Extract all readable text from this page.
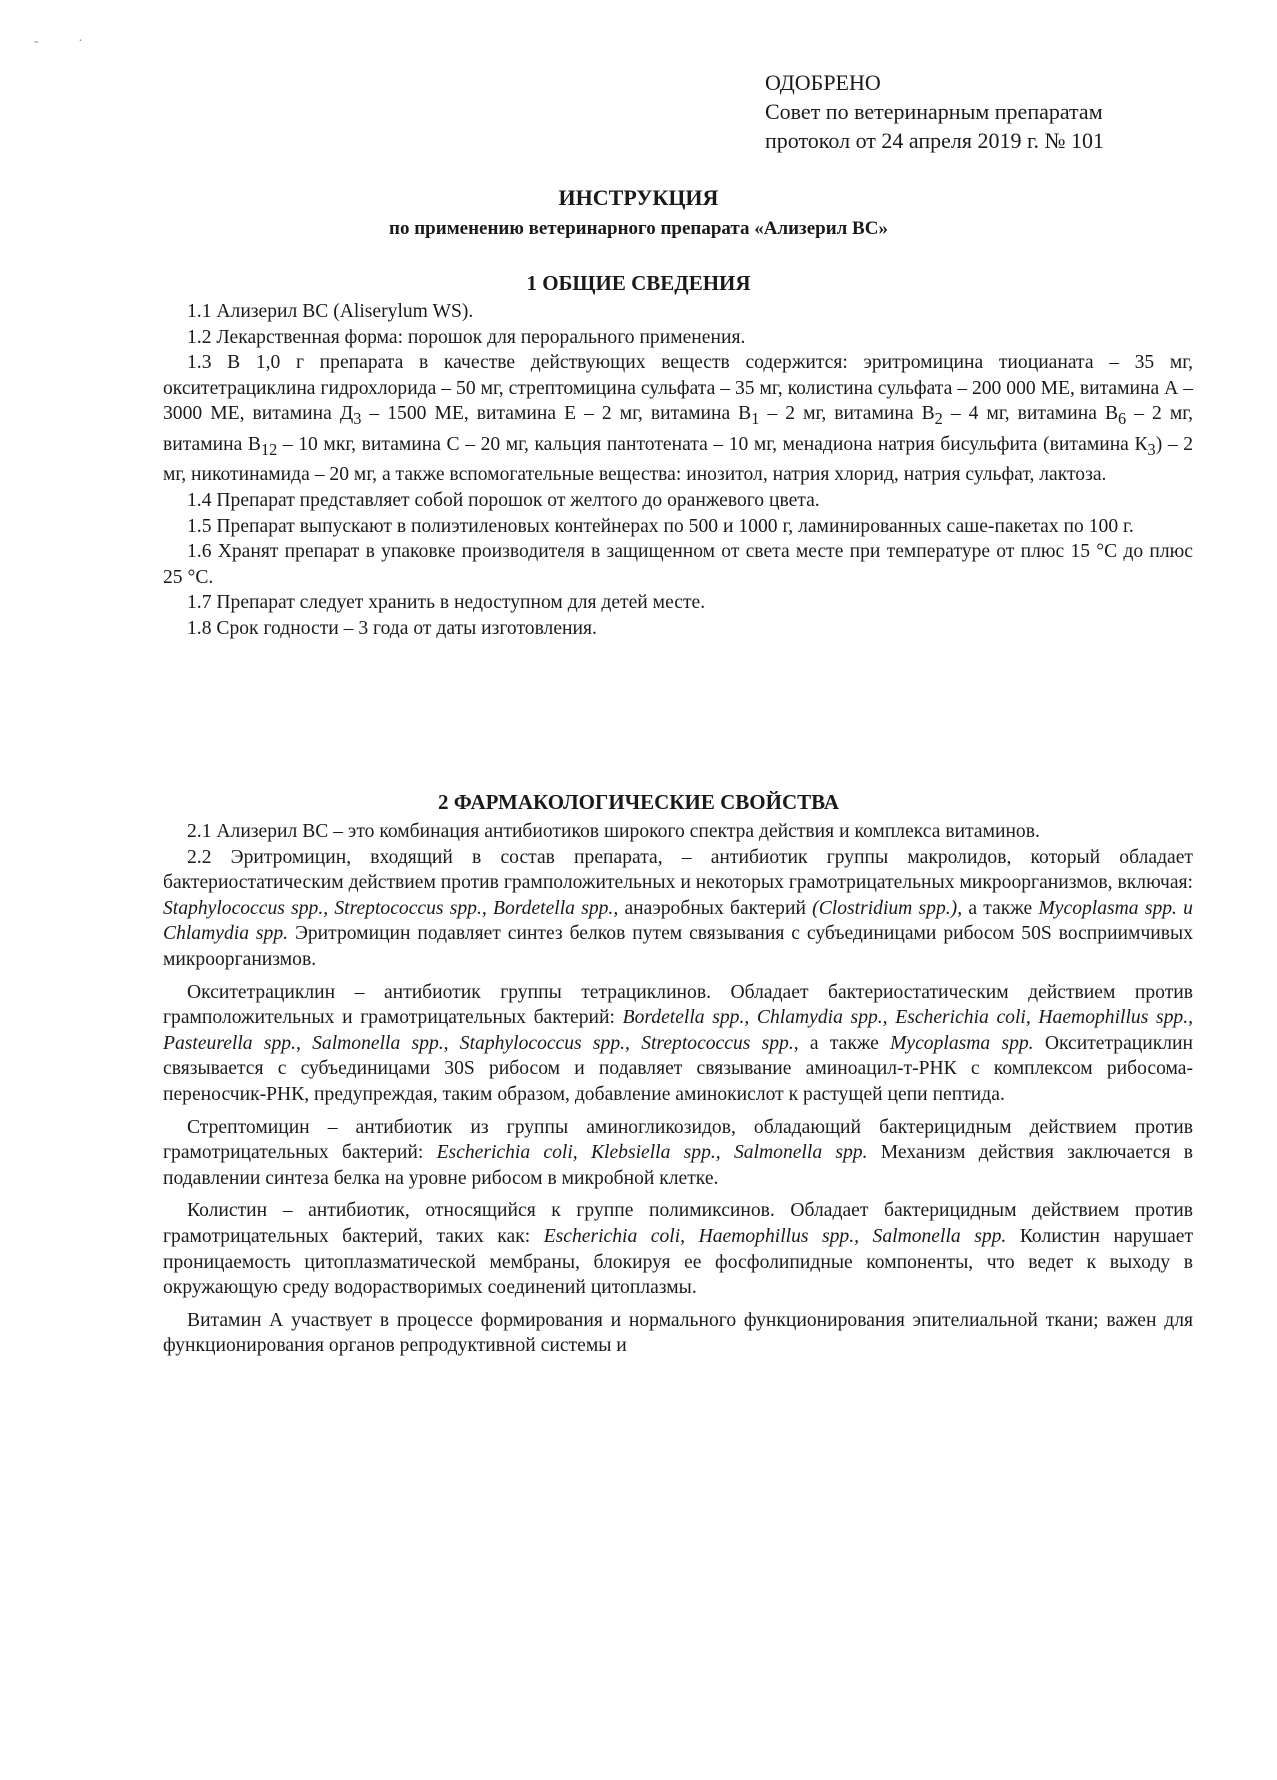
- ·
ОДОБРЕНО
Совет по ветеринарным препаратам
протокол от 24 апреля 2019 г. № 101
ИНСТРУКЦИЯ
по применению ветеринарного препарата «Ализерил ВС»
1 ОБЩИЕ СВЕДЕНИЯ
1.1 Ализерил ВС (Aliserylum WS).
1.2 Лекарственная форма: порошок для перорального применения.
1.3 В 1,0 г препарата в качестве действующих веществ содержится: эритромицина тиоцианата – 35 мг, окситетрациклина гидрохлорида – 50 мг, стрептомицина сульфата – 35 мг, колистина сульфата – 200 000 МЕ, витамина А – 3000 МЕ, витамина $Д_3 - 1500$ МЕ, витамина Е – 2 мг, витамина $В_1 - 2$ мг, витамина $В_2 - 4$ мг, витамина $В_6 - 2$ мг, витамина $В_{12} - 10$ мкг, витамина С – 20 мг, кальция пантотената – 10 мг, менадиона натрия бисульфита (витамина $К_3) - 2$ мг, никотинамида – 20 мг, а также вспомогательные вещества: инозитол, натрия хлорид, натрия сульфат, лактоза.
1.4 Препарат представляет собой порошок от желтого до оранжевого цвета.
1.5 Препарат выпускают в полиэтиленовых контейнерах по 500 и 1000 г, ламинированных саше-пакетах по 100 г.
1.6 Хранят препарат в упаковке производителя в защищенном от света месте при температуре от плюс 15 °С до плюс 25 °С.
1.7 Препарат следует хранить в недоступном для детей месте.
1.8 Срок годности – 3 года от даты изготовления.
2 ФАРМАКОЛОГИЧЕСКИЕ СВОЙСТВА
2.1 Ализерил ВС – это комбинация антибиотиков широкого спектра действия и комплекса витаминов.
2.2 Эритромицин, входящий в состав препарата, – антибиотик группы макролидов, который обладает бактериостатическим действием против грамположительных и некоторых грамотрицательных микроорганизмов, включая: Staphylococcus spp., Streptococcus spp., Bordetella spp., анаэробных бактерий (Clostridium spp.), а также Mycoplasma spp. и Chlamydia spp. Эритромицин подавляет синтез белков путем связывания с субъединицами рибосом 50S восприимчивых микроорганизмов.
Окситетрациклин – антибиотик группы тетрациклинов. Обладает бактериостатическим действием против грамположительных и грамотрицательных бактерий: Bordetella spp., Chlamydia spp., Escherichia coli, Haemophillus spp., Pasteurella spp., Salmonella spp., Staphylococcus spp., Streptococcus spp., а также Mycoplasma spp. Окситетрациклин связывается с субъединицами 30S рибосом и подавляет связывание аминоацил-т-РНК с комплексом рибосома-переносчик-РНК, предупреждая, таким образом, добавление аминокислот к растущей цепи пептида.
Стрептомицин – антибиотик из группы аминогликозидов, обладающий бактерицидным действием против грамотрицательных бактерий: Escherichia coli, Klebsiella spp., Salmonella spp. Механизм действия заключается в подавлении синтеза белка на уровне рибосом в микробной клетке.
Колистин – антибиотик, относящийся к группе полимиксинов. Обладает бактерицидным действием против грамотрицательных бактерий, таких как: Escherichia coli, Haemophillus spp., Salmonella spp. Колистин нарушает проницаемость цитоплазматической мембраны, блокируя ее фосфолипидные компоненты, что ведет к выходу в окружающую среду водорастворимых соединений цитоплазмы.
Витамин А участвует в процессе формирования и нормального функционирования эпителиальной ткани; важен для функционирования органов репродуктивной системы и
